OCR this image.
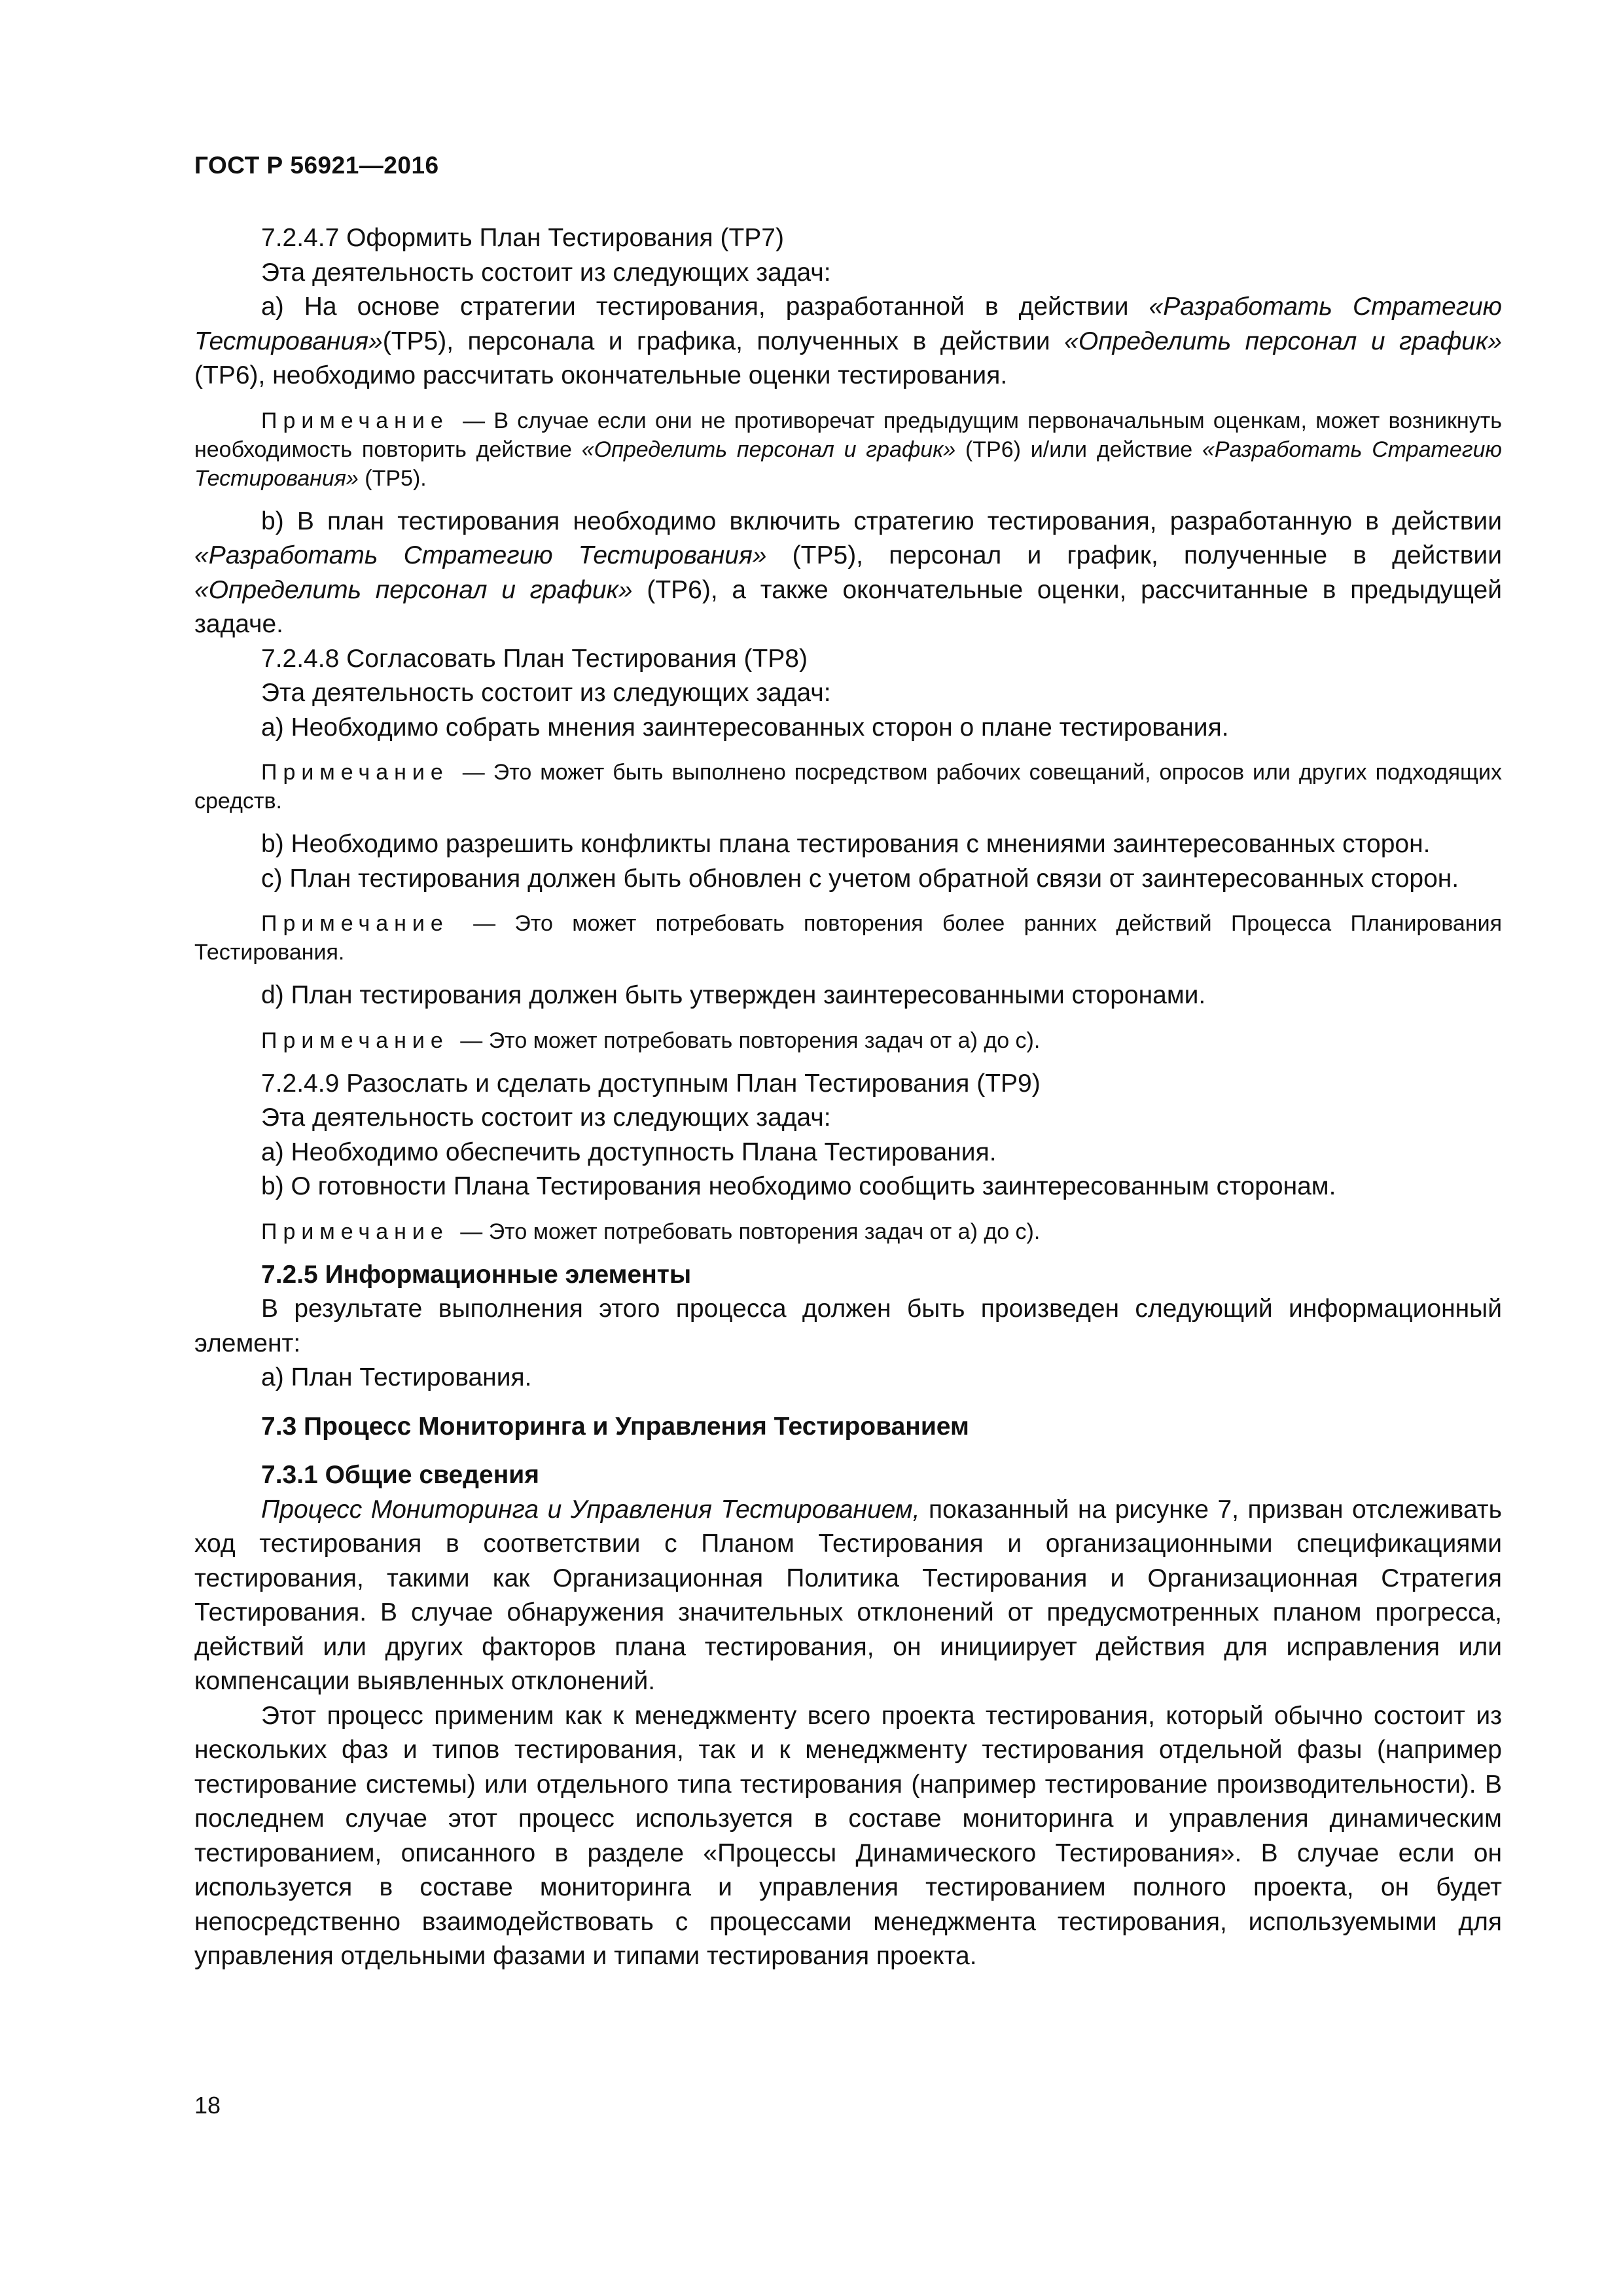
ГОСТ Р 56921—2016

7.2.4.7 Оформить План Тестирования (TP7)

Эта деятельность состоит из следующих задач:

а) На основе стратегии тестирования, разработанной в действии «Разработать Стратегию Тестирования»(TP5), персонала и графика, полученных в действии «Определить персонал и график» (TP6), необходимо рассчитать окончательные оценки тестирования.

Примечание — В случае если они не противоречат предыдущим первоначальным оценкам, может возникнуть необходимость повторить действие «Определить персонал и график» (TP6) и/или действие «Разработать Стратегию Тестирования» (TP5).

b) В план тестирования необходимо включить стратегию тестирования, разработанную в действии «Разработать Стратегию Тестирования» (TP5), персонал и график, полученные в действии «Определить персонал и график» (TP6), а также окончательные оценки, рассчитанные в предыдущей задаче.

7.2.4.8 Согласовать План Тестирования (TP8)

Эта деятельность состоит из следующих задач:

а) Необходимо собрать мнения заинтересованных сторон о плане тестирования.

Примечание — Это может быть выполнено посредством рабочих совещаний, опросов или других подходящих средств.

b) Необходимо разрешить конфликты плана тестирования с мнениями заинтересованных сторон.

c) План тестирования должен быть обновлен с учетом обратной связи от заинтересованных сторон.

Примечание — Это может потребовать повторения более ранних действий Процесса Планирования Тестирования.

d) План тестирования должен быть утвержден заинтересованными сторонами.

Примечание — Это может потребовать повторения задач от а) до с).

7.2.4.9 Разослать и сделать доступным План Тестирования (TP9)

Эта деятельность состоит из следующих задач:

а) Необходимо обеспечить доступность Плана Тестирования.

b) О готовности Плана Тестирования необходимо сообщить заинтересованным сторонам.

Примечание — Это может потребовать повторения задач от а) до с).

7.2.5 Информационные элементы

В результате выполнения этого процесса должен быть произведен следующий информационный элемент:

а) План Тестирования.

7.3 Процесс Мониторинга и Управления Тестированием

7.3.1 Общие сведения

Процесс Мониторинга и Управления Тестированием, показанный на рисунке 7, призван отслеживать ход тестирования в соответствии с Планом Тестирования и организационными спецификациями тестирования, такими как Организационная Политика Тестирования и Организационная Стратегия Тестирования. В случае обнаружения значительных отклонений от предусмотренных планом прогресса, действий или других факторов плана тестирования, он инициирует действия для исправления или компенсации выявленных отклонений.

Этот процесс применим как к менеджменту всего проекта тестирования, который обычно состоит из нескольких фаз и типов тестирования, так и к менеджменту тестирования отдельной фазы (например тестирование системы) или отдельного типа тестирования (например тестирование производительности). В последнем случае этот процесс используется в составе мониторинга и управления динамическим тестированием, описанного в разделе «Процессы Динамического Тестирования». В случае если он используется в составе мониторинга и управления тестированием полного проекта, он будет непосредственно взаимодействовать с процессами менеджмента тестирования, используемыми для управления отдельными фазами и типами тестирования проекта.

18
